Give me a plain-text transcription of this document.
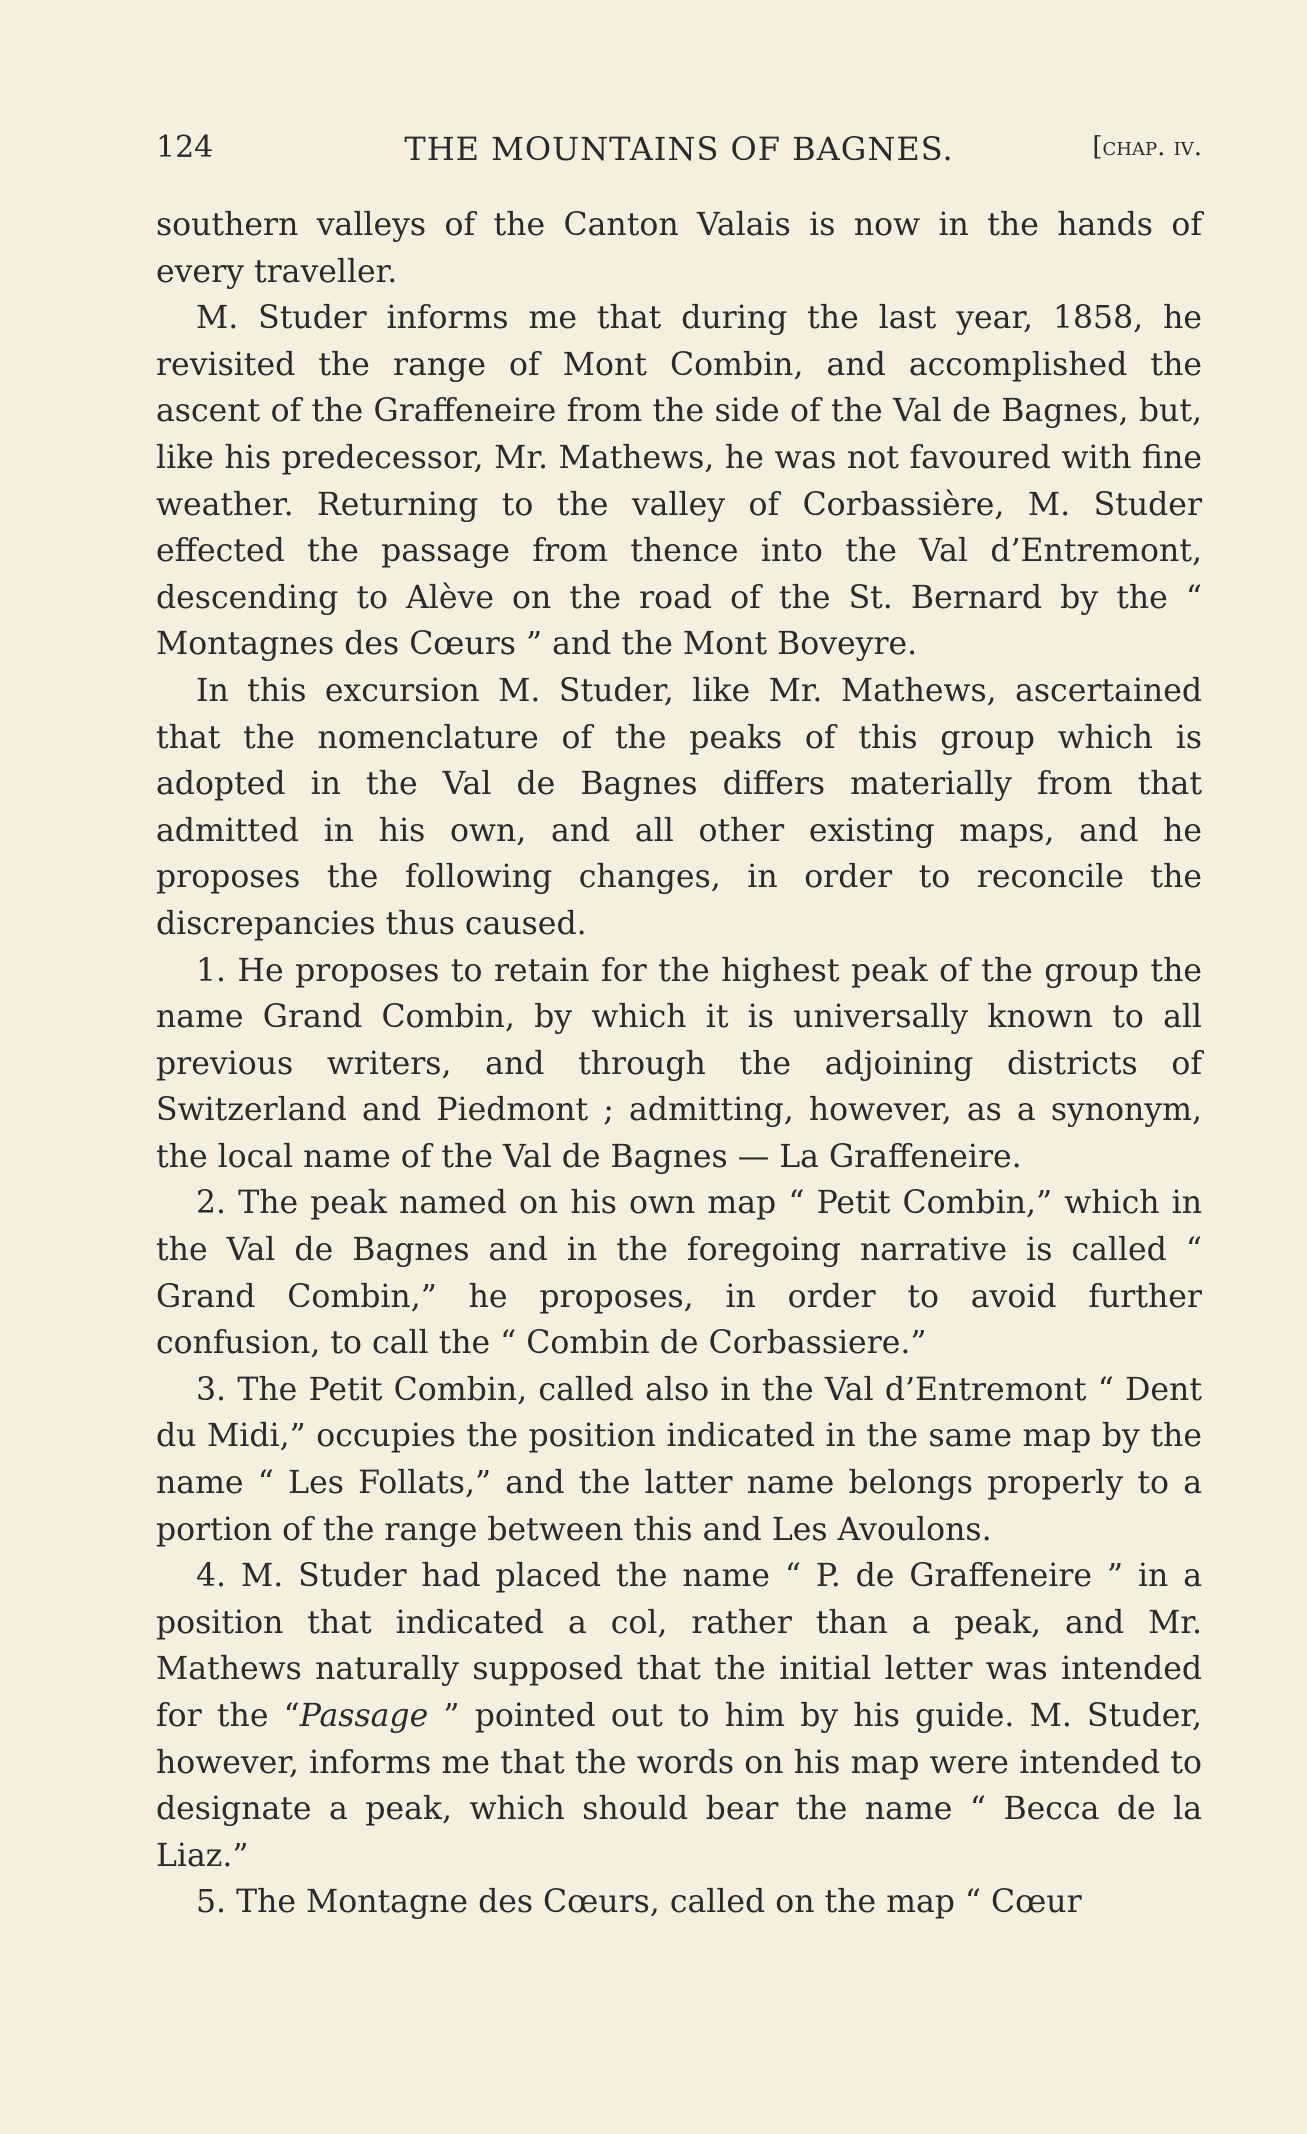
124	THE MOUNTAINS OF BAGNES.	[chap. iv.

southern valleys of the Canton Valais is now in the hands of every traveller.

M. Studer informs me that during the last year, 1858, he revisited the range of Mont Combin, and accomplished the ascent of the Graffeneire from the side of the Val de Bagnes, but, like his predecessor, Mr. Mathews, he was not favoured with fine weather. Returning to the valley of Corbassière, M. Studer effected the passage from thence into the Val d’Entremont, descending to Alève on the road of the St. Bernard by the “ Montagnes des Cœurs ” and the Mont Boveyre.

In this excursion M. Studer, like Mr. Mathews, ascertained that the nomenclature of the peaks of this group which is adopted in the Val de Bagnes differs materially from that admitted in his own, and all other existing maps, and he proposes the following changes, in order to reconcile the discrepancies thus caused.

1. He proposes to retain for the highest peak of the group the name Grand Combin, by which it is universally known to all previous writers, and through the adjoining districts of Switzerland and Piedmont ; admitting, however, as a synonym, the local name of the Val de Bagnes — La Graffeneire.

2. The peak named on his own map “ Petit Combin,” which in the Val de Bagnes and in the foregoing narrative is called “ Grand Combin,” he proposes, in order to avoid further confusion, to call the “ Combin de Corbassiere.”

3. The Petit Combin, called also in the Val d’Entremont “ Dent du Midi,” occupies the position indicated in the same map by the name “ Les Follats,” and the latter name belongs properly to a portion of the range between this and Les Avoulons.

4. M. Studer had placed the name “ P. de Graffeneire ” in a position that indicated a col, rather than a peak, and Mr. Mathews naturally supposed that the initial letter was intended for the “Passage ” pointed out to him by his guide. M. Studer, however, informs me that the words on his map were intended to designate a peak, which should bear the name “ Becca de la Liaz.”

5. The Montagne des Cœurs, called on the map “ Cœur
